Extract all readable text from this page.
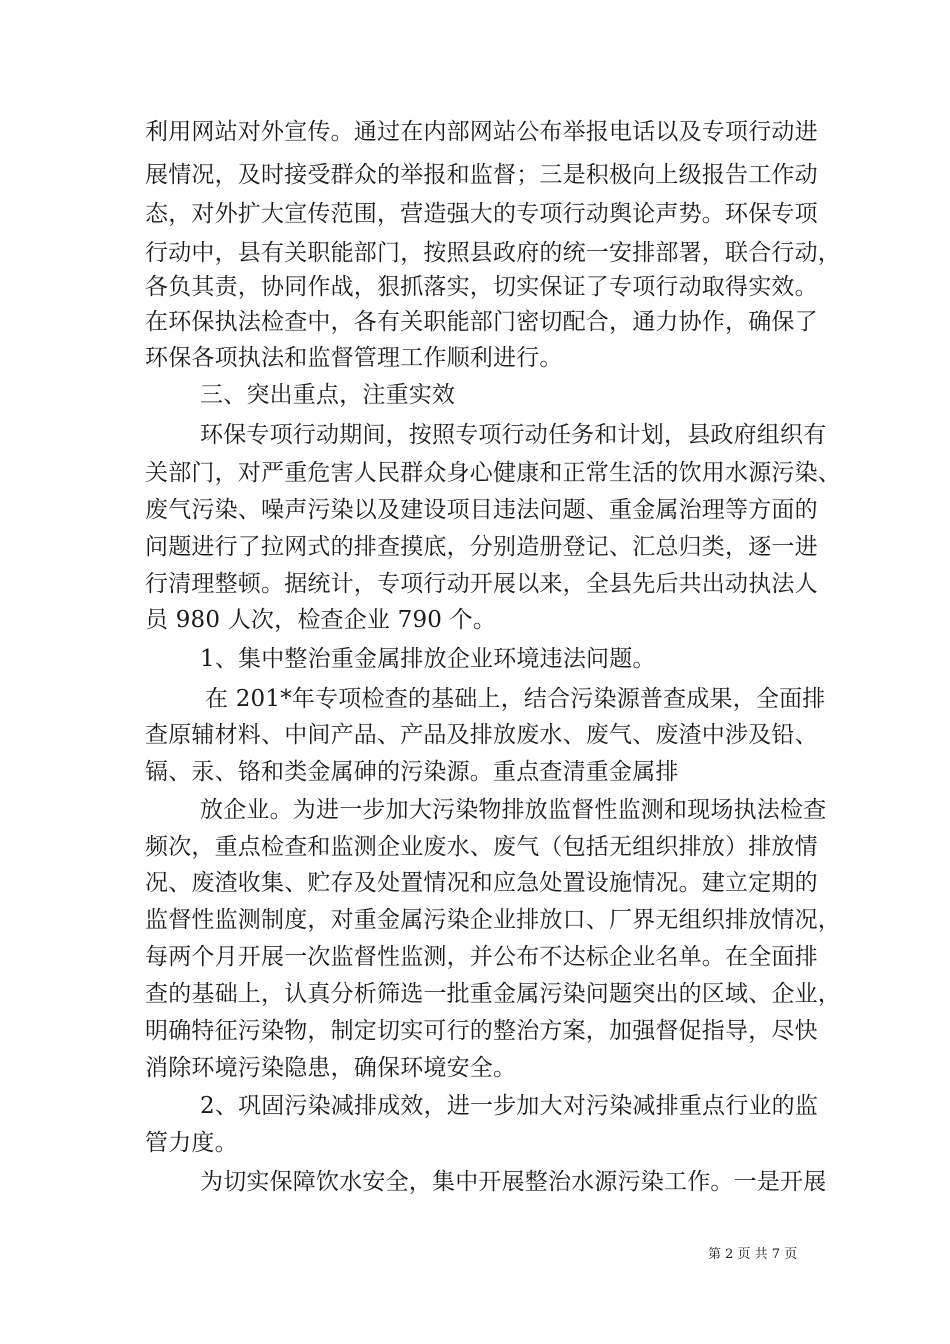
利用网站对外宣传。通过在内部网站公布举报电话以及专项行动进
展情况，及时接受群众的举报和监督；三是积极向上级报告工作动
态，对外扩大宣传范围，营造强大的专项行动舆论声势。环保专项
行动中，县有关职能部门，按照县政府的统一安排部署，联合行动，
各负其责，协同作战，狠抓落实，切实保证了专项行动取得实效。
在环保执法检查中，各有关职能部门密切配合，通力协作，确保了
环保各项执法和监督管理工作顺利进行。
三、突出重点，注重实效
环保专项行动期间，按照专项行动任务和计划，县政府组织有
关部门，对严重危害人民群众身心健康和正常生活的饮用水源污染、
废气污染、噪声污染以及建设项目违法问题、重金属治理等方面的
问题进行了拉网式的排查摸底，分别造册登记、汇总归类，逐一进
行清理整顿。据统计，专项行动开展以来，全县先后共出动执法人
员 980 人次，检查企业 790 个。
1、集中整治重金属排放企业环境违法问题。
在 201*年专项检查的基础上，结合污染源普查成果，全面排
查原辅材料、中间产品、产品及排放废水、废气、废渣中涉及铅、
镉、汞、铬和类金属砷的污染源。重点查清重金属排
放企业。为进一步加大污染物排放监督性监测和现场执法检查
频次，重点检查和监测企业废水、废气（包括无组织排放）排放情
况、废渣收集、贮存及处置情况和应急处置设施情况。建立定期的
监督性监测制度，对重金属污染企业排放口、厂界无组织排放情况，
每两个月开展一次监督性监测，并公布不达标企业名单。在全面排
查的基础上，认真分析筛选一批重金属污染问题突出的区域、企业，
明确特征污染物，制定切实可行的整治方案，加强督促指导，尽快
消除环境污染隐患，确保环境安全。
2、巩固污染减排成效，进一步加大对污染减排重点行业的监
管力度。
为切实保障饮水安全，集中开展整治水源污染工作。一是开展
第 2 页 共 7 页
